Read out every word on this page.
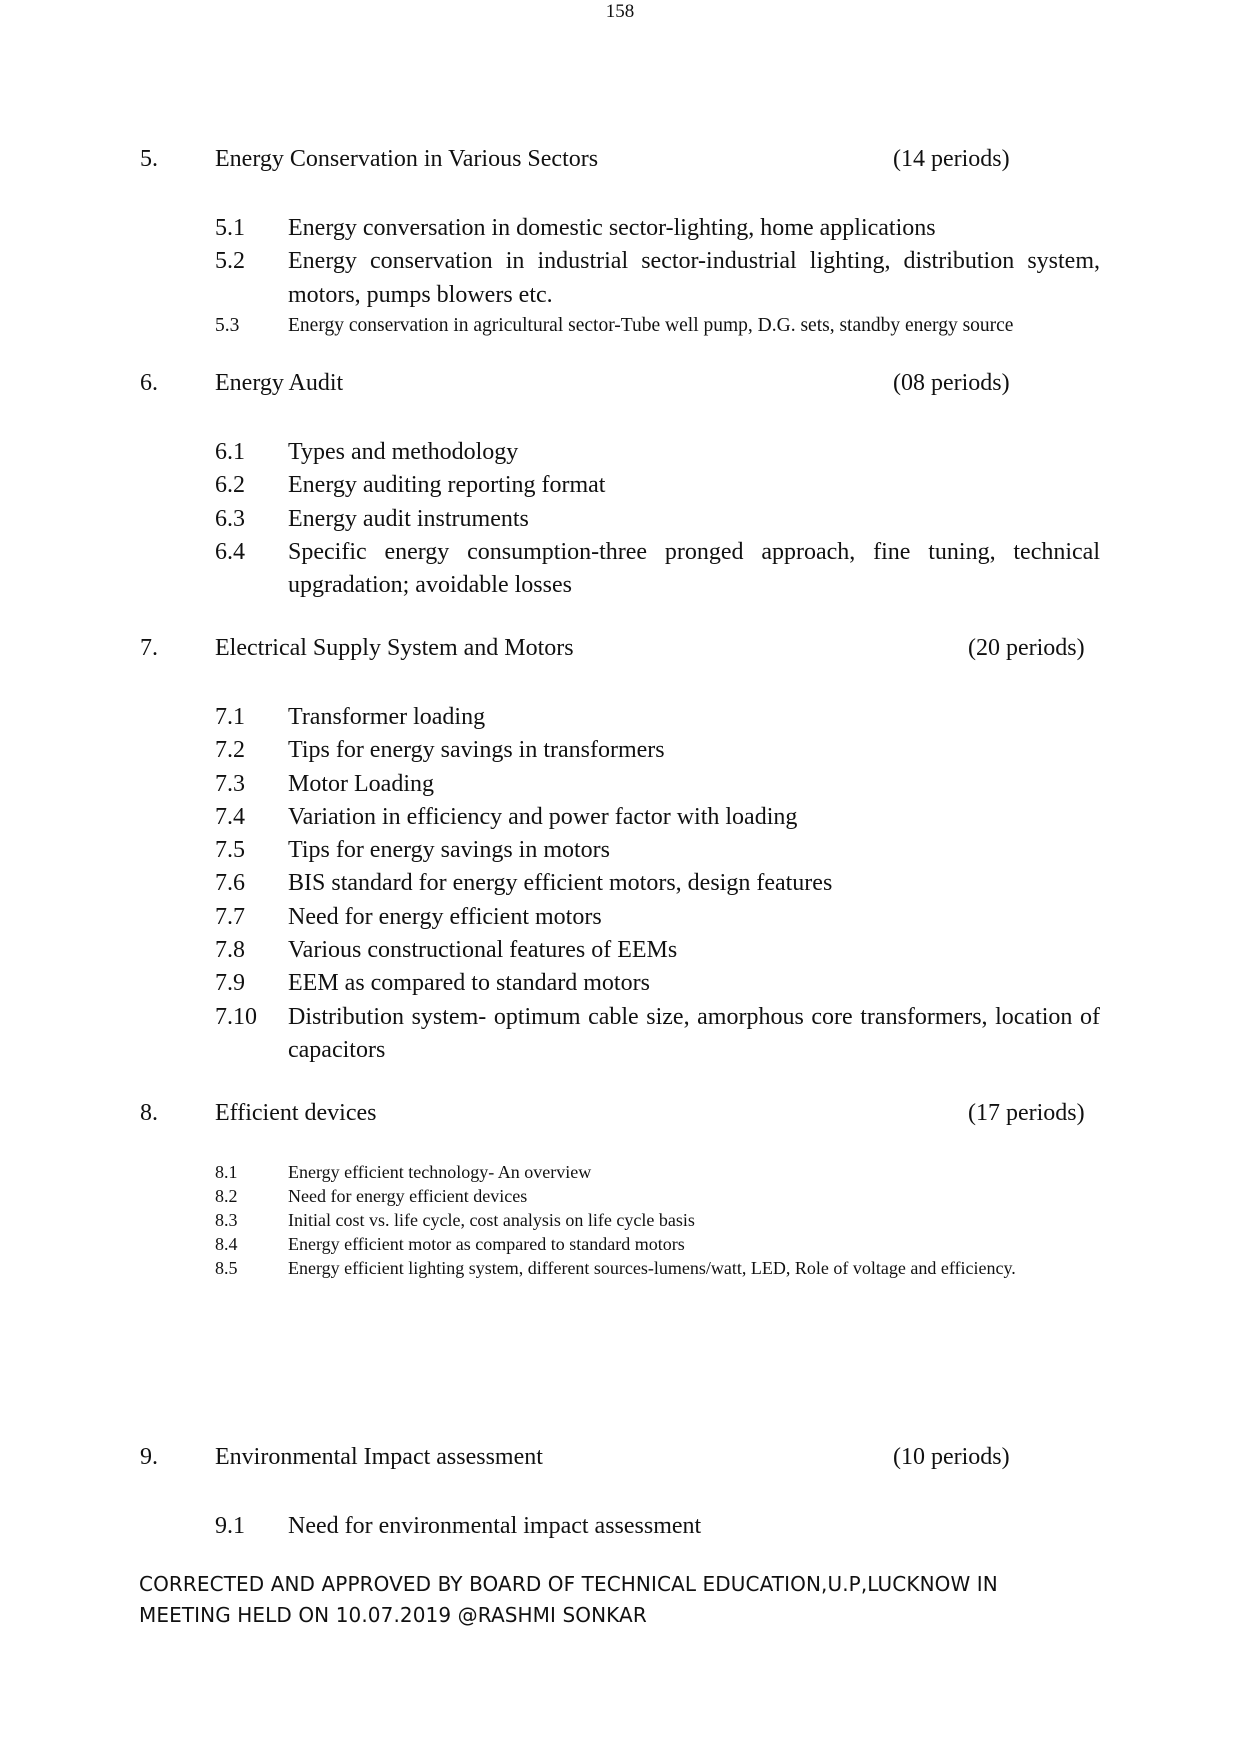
158
5. Energy Conservation in Various Sectors	(14 periods)
5.1 Energy conversation in domestic sector-lighting, home applications
5.2 Energy conservation in industrial sector-industrial lighting, distribution system, motors, pumps blowers etc.
5.3 Energy conservation in agricultural sector-Tube well pump, D.G. sets, standby energy source
6. Energy Audit	(08 periods)
6.1 Types and methodology
6.2 Energy auditing reporting format
6.3 Energy audit instruments
6.4 Specific energy consumption-three pronged approach, fine tuning, technical upgradation; avoidable losses
7. Electrical Supply System and Motors	(20 periods)
7.1 Transformer loading
7.2 Tips for energy savings in transformers
7.3 Motor Loading
7.4 Variation in efficiency and power factor with loading
7.5 Tips for energy savings in motors
7.6 BIS standard for energy efficient motors, design features
7.7 Need for energy efficient motors
7.8 Various constructional features of EEMs
7.9 EEM as compared to standard motors
7.10 Distribution system- optimum cable size, amorphous core transformers, location of capacitors
8. Efficient devices	(17 periods)
8.1	Energy efficient technology- An overview
8.2	Need for energy efficient devices
8.3	Initial cost vs. life cycle, cost analysis on life cycle basis
8.4	Energy efficient motor as compared to standard motors
8.5	Energy efficient lighting system, different sources-lumens/watt, LED, Role of voltage and efficiency.
9. Environmental Impact assessment	(10 periods)
9.1 Need for environmental impact assessment
CORRECTED AND APPROVED BY BOARD OF TECHNICAL EDUCATION,U.P,LUCKNOW IN
MEETING HELD ON 10.07.2019 @RASHMI SONKAR
